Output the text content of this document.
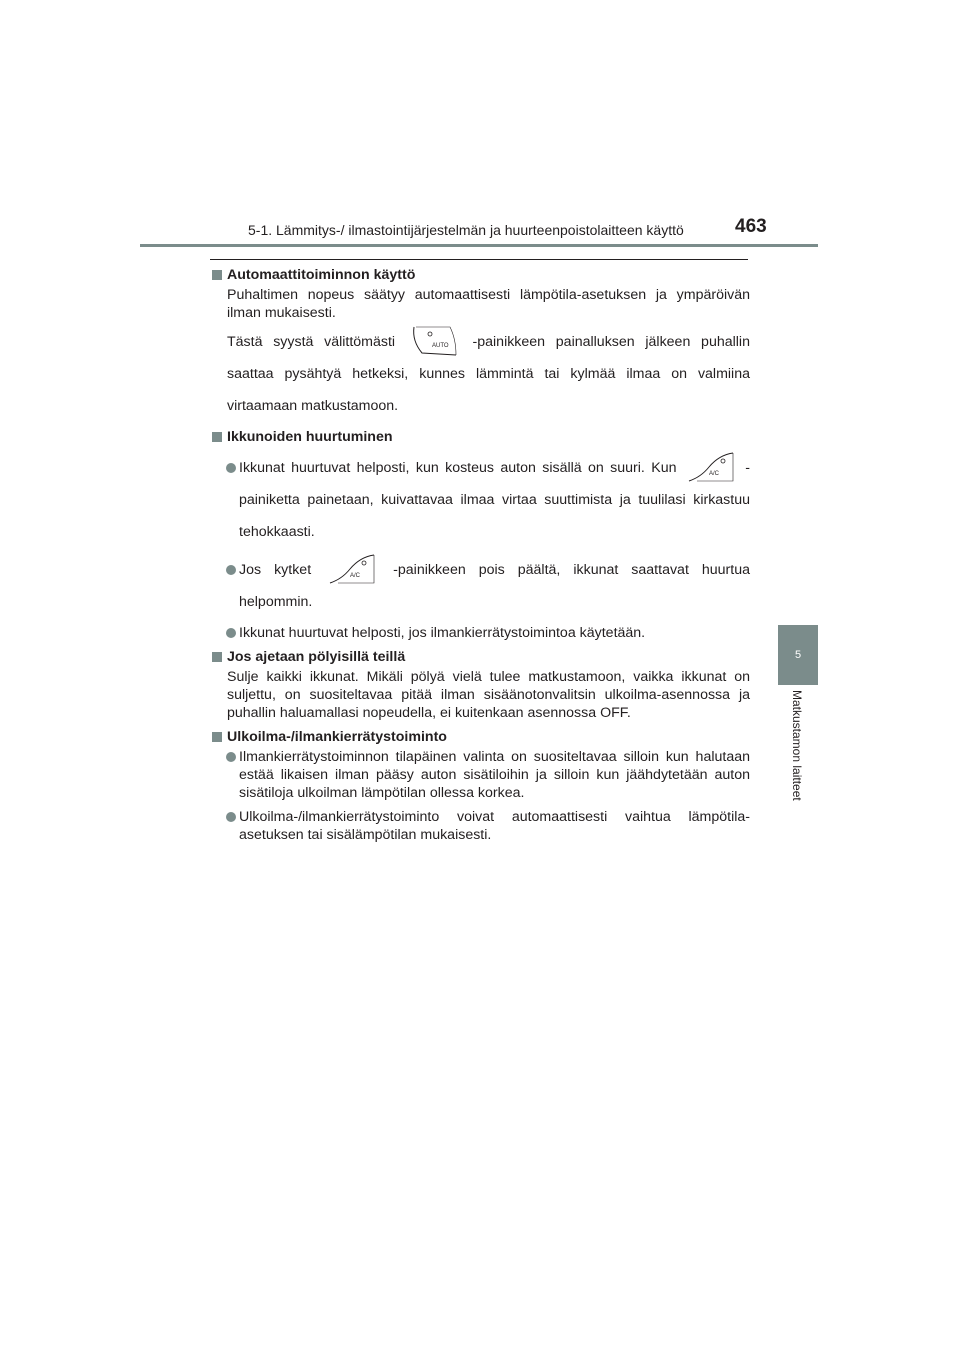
5-1. Lämmitys-/ ilmastointijärjestelmän ja huurteenpoistolaitteen käyttö	463
5
Matkustamon laitteet
Automaattitoiminnon käyttö

Puhaltimen nopeus säätyy automaattisesti lämpötila-asetuksen ja ympäröivän ilman mukaisesti.

Tästä syystä välittömästi	AUTO -painikkeen painalluksen jälkeen puhallin saattaa pysähtyä hetkeksi, kunnes lämmintä tai kylmää ilmaa on valmiina virtaamaan matkustamoon.

Ikkunoiden huurtuminen
Ikkunat huurtuvat helposti, kun kosteus auton sisällä on suuri. Kun	A/C -painiketta painetaan, kuivattavaa ilmaa virtaa suuttimista ja tuulilasi kirkastuu tehokkaasti.
Jos kytket	A/C -painikkeen pois päältä, ikkunat saattavat huurtua helpommin.
Ikkunat huurtuvat helposti, jos ilmankierrätystoimintoa käytetään.
Jos ajetaan pölyisillä teillä

Sulje kaikki ikkunat. Mikäli pölyä vielä tulee matkustamoon, vaikka ikkunat on suljettu, on suositeltavaa pitää ilman sisäänotonvalitsin ulkoilma-asennossa ja puhallin haluamallasi nopeudella, ei kuitenkaan asennossa OFF.

Ulkoilma-/ilmankierrätystoiminto
Ilmankierrätystoiminnon tilapäinen valinta on suositeltavaa silloin kun halutaan estää likaisen ilman pääsy auton sisätiloihin ja silloin kun jäähdytetään auton sisätiloja ulkoilman lämpötilan ollessa korkea.
Ulkoilma-/ilmankierrätystoiminto voivat automaattisesti vaihtua lämpötila-asetuksen tai sisälämpötilan mukaisesti.
